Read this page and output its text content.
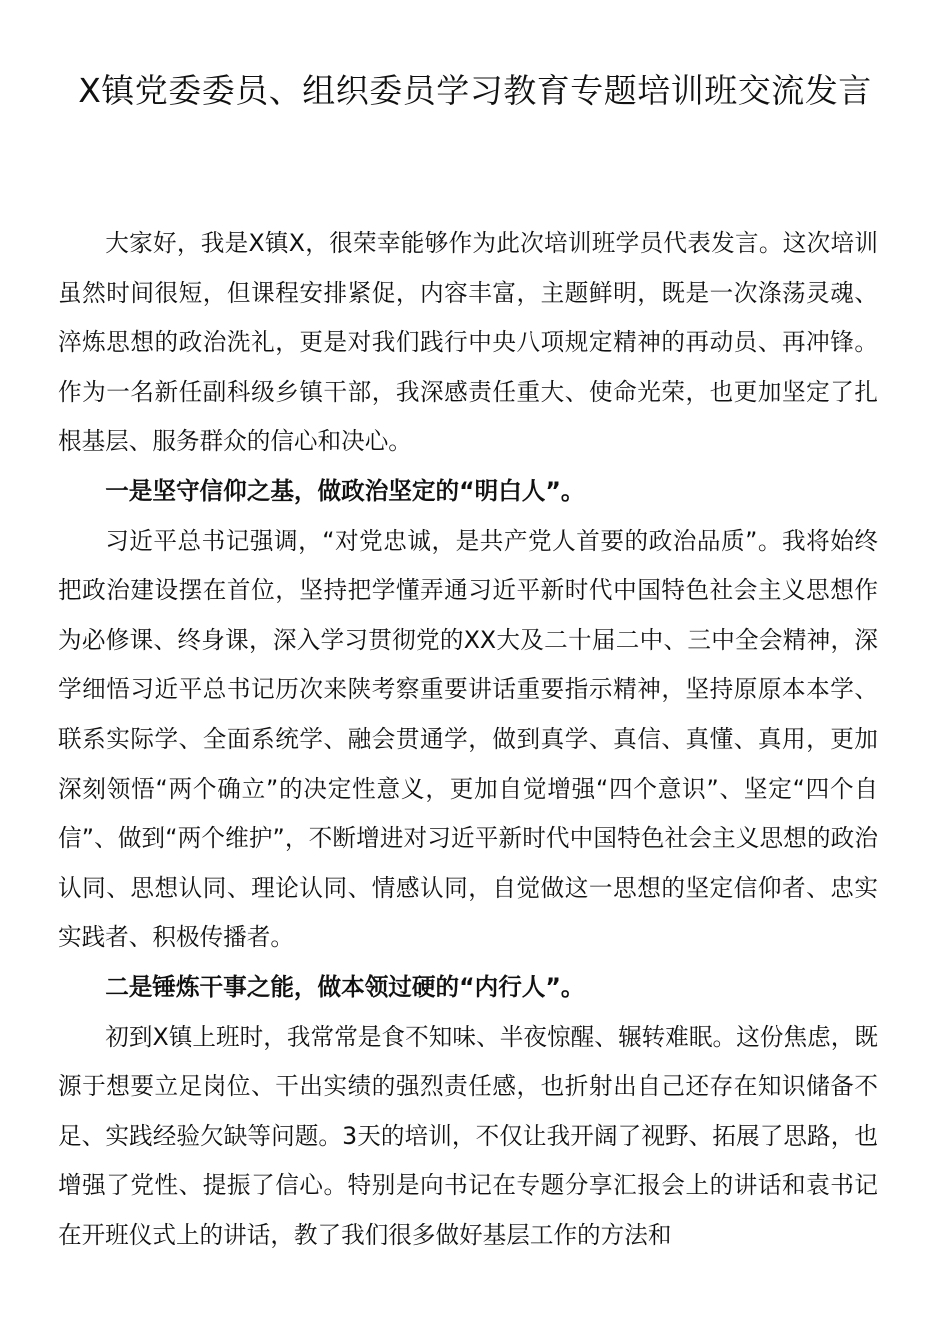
X镇党委委员、组织委员学习教育专题培训班交流发言

大家好，我是X镇X，很荣幸能够作为此次培训班学员代表发言。这次培训虽然时间很短，但课程安排紧促，内容丰富，主题鲜明，既是一次涤荡灵魂、淬炼思想的政治洗礼，更是对我们践行中央八项规定精神的再动员、再冲锋。作为一名新任副科级乡镇干部，我深感责任重大、使命光荣，也更加坚定了扎根基层、服务群众的信心和决心。

一是坚守信仰之基，做政治坚定的“明白人”。

习近平总书记强调，“对党忠诚，是共产党人首要的政治品质”。我将始终把政治建设摆在首位，坚持把学懂弄通习近平新时代中国特色社会主义思想作为必修课、终身课，深入学习贯彻党的XX大及二十届二中、三中全会精神，深学细悟习近平总书记历次来陕考察重要讲话重要指示精神，坚持原原本本学、联系实际学、全面系统学、融会贯通学，做到真学、真信、真懂、真用，更加深刻领悟“两个确立”的决定性意义，更加自觉增强“四个意识”、坚定“四个自信”、做到“两个维护”，不断增进对习近平新时代中国特色社会主义思想的政治认同、思想认同、理论认同、情感认同，自觉做这一思想的坚定信仰者、忠实实践者、积极传播者。

二是锤炼干事之能，做本领过硬的“内行人”。

初到X镇上班时，我常常是食不知味、半夜惊醒、辗转难眠。这份焦虑，既源于想要立足岗位、干出实绩的强烈责任感，也折射出自己还存在知识储备不足、实践经验欠缺等问题。3天的培训，不仅让我开阔了视野、拓展了思路，也增强了党性、提振了信心。特别是向书记在专题分享汇报会上的讲话和袁书记在开班仪式上的讲话，教了我们很多做好基层工作的方法和
